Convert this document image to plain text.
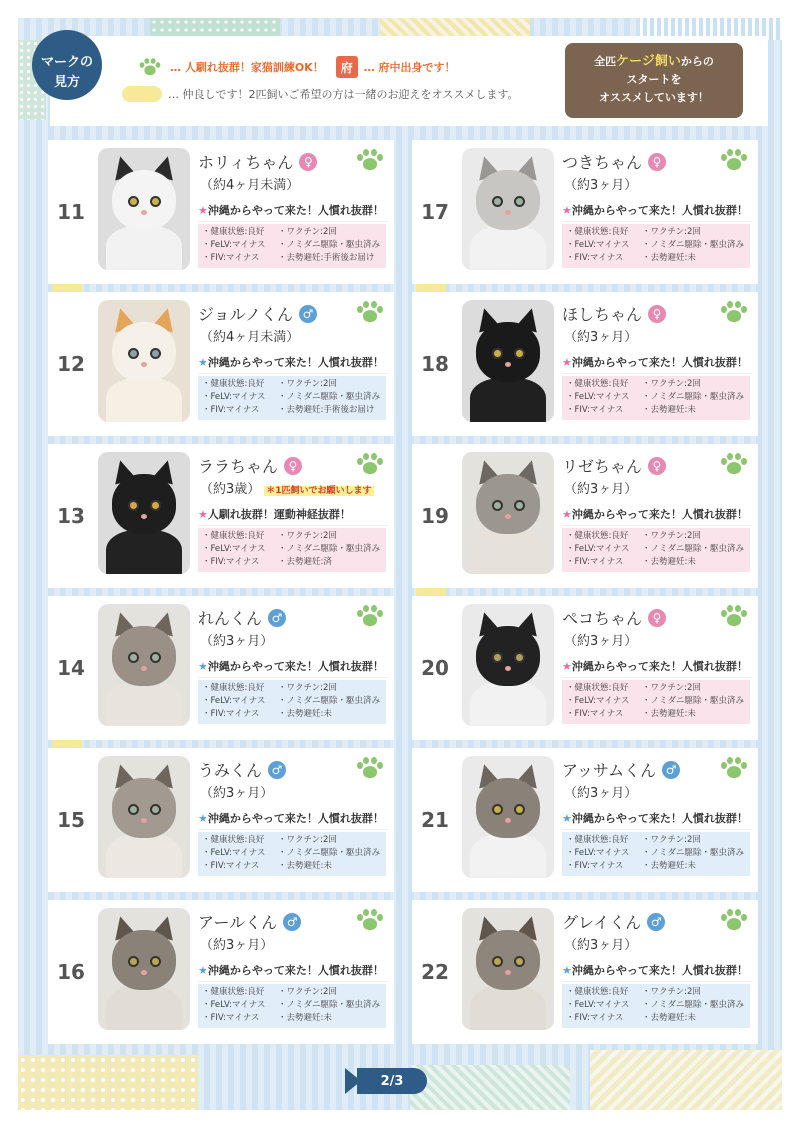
マークの
見方
… 人馴れ抜群！家猫訓練OK！	府	… 府中出身です！
… 仲良しです！2匹飼いご希望の方は一緒のお迎えをオススメします。
全匹ケージ飼いからの
スタートを
オススメしています！
11
ホリィちゃん ♀
（約4ヶ月未満）
★沖縄からやって来た！人慣れ抜群！
・健康状態:良好	・ワクチン:2回
・FeLV:マイナス	・ノミダニ駆除・駆虫済み
・FIV:マイナス	・去勢避妊:手術後お届け
12
ジョルノくん ♂
（約4ヶ月未満）
★沖縄からやって来た！人慣れ抜群！
・健康状態:良好	・ワクチン:2回
・FeLV:マイナス	・ノミダニ駆除・駆虫済み
・FIV:マイナス	・去勢避妊:手術後お届け
13
ララちゃん ♀
（約3歳） ＊1匹飼いでお願いします
★人馴れ抜群！運動神経抜群！
・健康状態:良好	・ワクチン:2回
・FeLV:マイナス	・ノミダニ駆除・駆虫済み
・FIV:マイナス	・去勢避妊:済
14
れんくん ♂
（約3ヶ月）
★沖縄からやって来た！人慣れ抜群！
・健康状態:良好	・ワクチン:2回
・FeLV:マイナス	・ノミダニ駆除・駆虫済み
・FIV:マイナス	・去勢避妊:未
15
うみくん ♂
（約3ヶ月）
★沖縄からやって来た！人慣れ抜群！
・健康状態:良好	・ワクチン:2回
・FeLV:マイナス	・ノミダニ駆除・駆虫済み
・FIV:マイナス	・去勢避妊:未
16
アールくん ♂
（約3ヶ月）
★沖縄からやって来た！人慣れ抜群！
・健康状態:良好	・ワクチン:2回
・FeLV:マイナス	・ノミダニ駆除・駆虫済み
・FIV:マイナス	・去勢避妊:未
17
つきちゃん ♀
（約3ヶ月）
★沖縄からやって来た！人慣れ抜群！
・健康状態:良好	・ワクチン:2回
・FeLV:マイナス	・ノミダニ駆除・駆虫済み
・FIV:マイナス	・去勢避妊:未
18
ほしちゃん ♀
（約3ヶ月）
★沖縄からやって来た！人慣れ抜群！
・健康状態:良好	・ワクチン:2回
・FeLV:マイナス	・ノミダニ駆除・駆虫済み
・FIV:マイナス	・去勢避妊:未
19
リゼちゃん ♀
（約3ヶ月）
★沖縄からやって来た！人慣れ抜群！
・健康状態:良好	・ワクチン:2回
・FeLV:マイナス	・ノミダニ駆除・駆虫済み
・FIV:マイナス	・去勢避妊:未
20
ペコちゃん ♀
（約3ヶ月）
★沖縄からやって来た！人慣れ抜群！
・健康状態:良好	・ワクチン:2回
・FeLV:マイナス	・ノミダニ駆除・駆虫済み
・FIV:マイナス	・去勢避妊:未
21
アッサムくん ♂
（約3ヶ月）
★沖縄からやって来た！人慣れ抜群！
・健康状態:良好	・ワクチン:2回
・FeLV:マイナス	・ノミダニ駆除・駆虫済み
・FIV:マイナス	・去勢避妊:未
22
グレイくん ♂
（約3ヶ月）
★沖縄からやって来た！人慣れ抜群！
・健康状態:良好	・ワクチン:2回
・FeLV:マイナス	・ノミダニ駆除・駆虫済み
・FIV:マイナス	・去勢避妊:未
2/3
